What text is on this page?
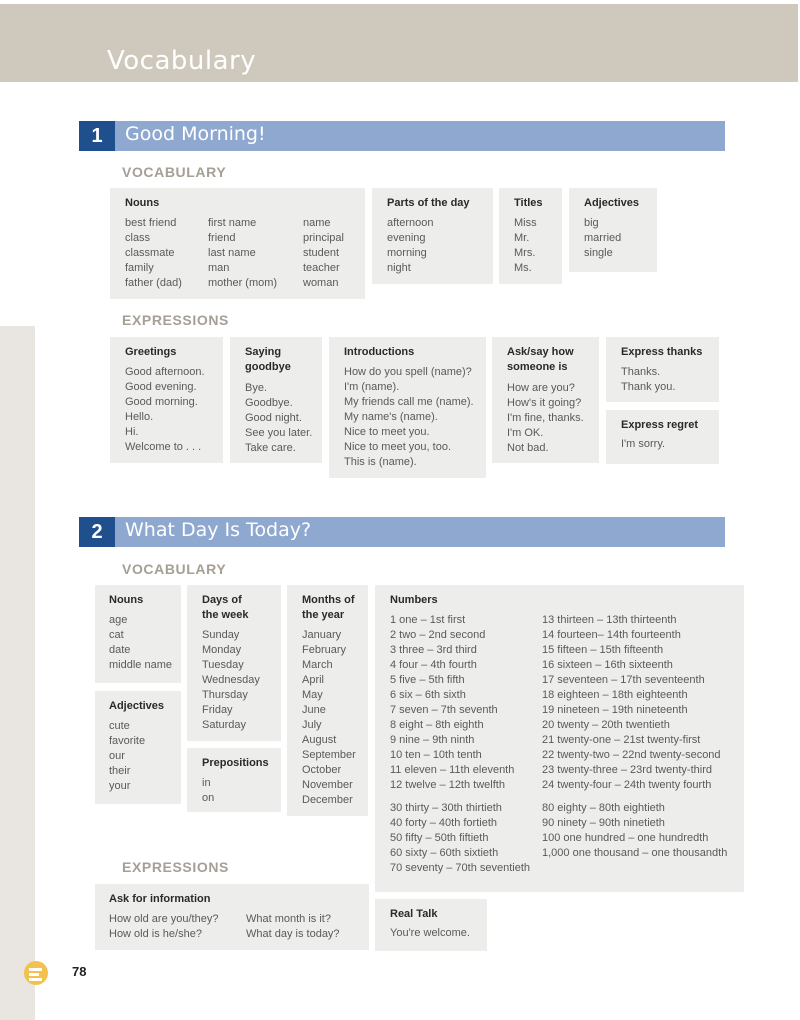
Vocabulary
1	Good Morning!
VOCABULARY
Nouns
best friend
class
classmate
family
father (dad)
first name
friend
last name
man
mother (mom)
name
principal
student
teacher
woman
Parts of the day
afternoon
evening
morning
night
Titles
Miss
Mr.
Mrs.
Ms.
Adjectives
big
married
single
EXPRESSIONS
Greetings
Good afternoon.
Good evening.
Good morning.
Hello.
Hi.
Welcome to . . .
Saying
goodbye
Bye.
Goodbye.
Good night.
See you later.
Take care.
Introductions
How do you spell (name)?
I'm (name).
My friends call me (name).
My name's (name).
Nice to meet you.
Nice to meet you, too.
This is (name).
Ask/say how
someone is
How are you?
How's it going?
I'm fine, thanks.
I'm OK.
Not bad.
Express thanks
Thanks.
Thank you.
Express regret
I'm sorry.
2	What Day Is Today?
VOCABULARY
Nouns
age
cat
date
middle name
Adjectives
cute
favorite
our
their
your
Days of
the week
Sunday
Monday
Tuesday
Wednesday
Thursday
Friday
Saturday
Prepositions
in
on
Months of
the year
January
February
March
April
May
June
July
August
September
October
November
December
Numbers
1 one – 1st first
2 two – 2nd second
3 three – 3rd third
4 four – 4th fourth
5 five – 5th fifth
6 six – 6th sixth
7 seven – 7th seventh
8 eight – 8th eighth
9 nine – 9th ninth
10 ten – 10th tenth
11 eleven – 11th eleventh
12 twelve – 12th twelfth
13 thirteen – 13th thirteenth
14 fourteen– 14th fourteenth
15 fifteen – 15th fifteenth
16 sixteen – 16th sixteenth
17 seventeen – 17th seventeenth
18 eighteen – 18th eighteenth
19 nineteen – 19th nineteenth
20 twenty – 20th twentieth
21 twenty-one – 21st twenty-first
22 twenty-two – 22nd twenty-second
23 twenty-three – 23rd twenty-third
24 twenty-four – 24th twenty fourth
30 thirty – 30th thirtieth
40 forty – 40th fortieth
50 fifty – 50th fiftieth
60 sixty – 60th sixtieth
70 seventy – 70th seventieth
80 eighty – 80th eightieth
90 ninety – 90th ninetieth
100 one hundred – one hundredth
1,000 one thousand – one thousandth
EXPRESSIONS
Ask for information
How old are you/they?
How old is he/she?
What month is it?
What day is today?
Real Talk
You're welcome.
78
